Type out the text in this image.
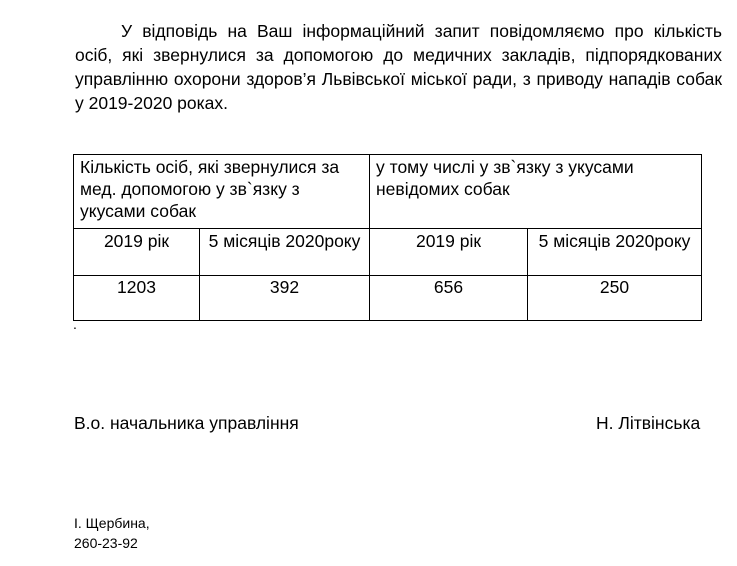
У відповідь на Ваш інформаційний запит повідомляємо про кількість осіб, які звернулися за допомогою до медичних закладів, підпорядкованих управлінню охорони здоров’я Львівської міської ради, з приводу нападів собак у 2019-2020 роках.

Кількість осіб, які звернулися за мед. допомогою у зв`язку з укусами собак		у тому числі у зв`язку з укусами невідомих собак	
2019 рік	5 місяців 2020року	2019 рік	5 місяців 2020року
1203	392	656	250
.
В.о. начальника управління	Н. Літвінська
І. Щербина,
260-23-92
